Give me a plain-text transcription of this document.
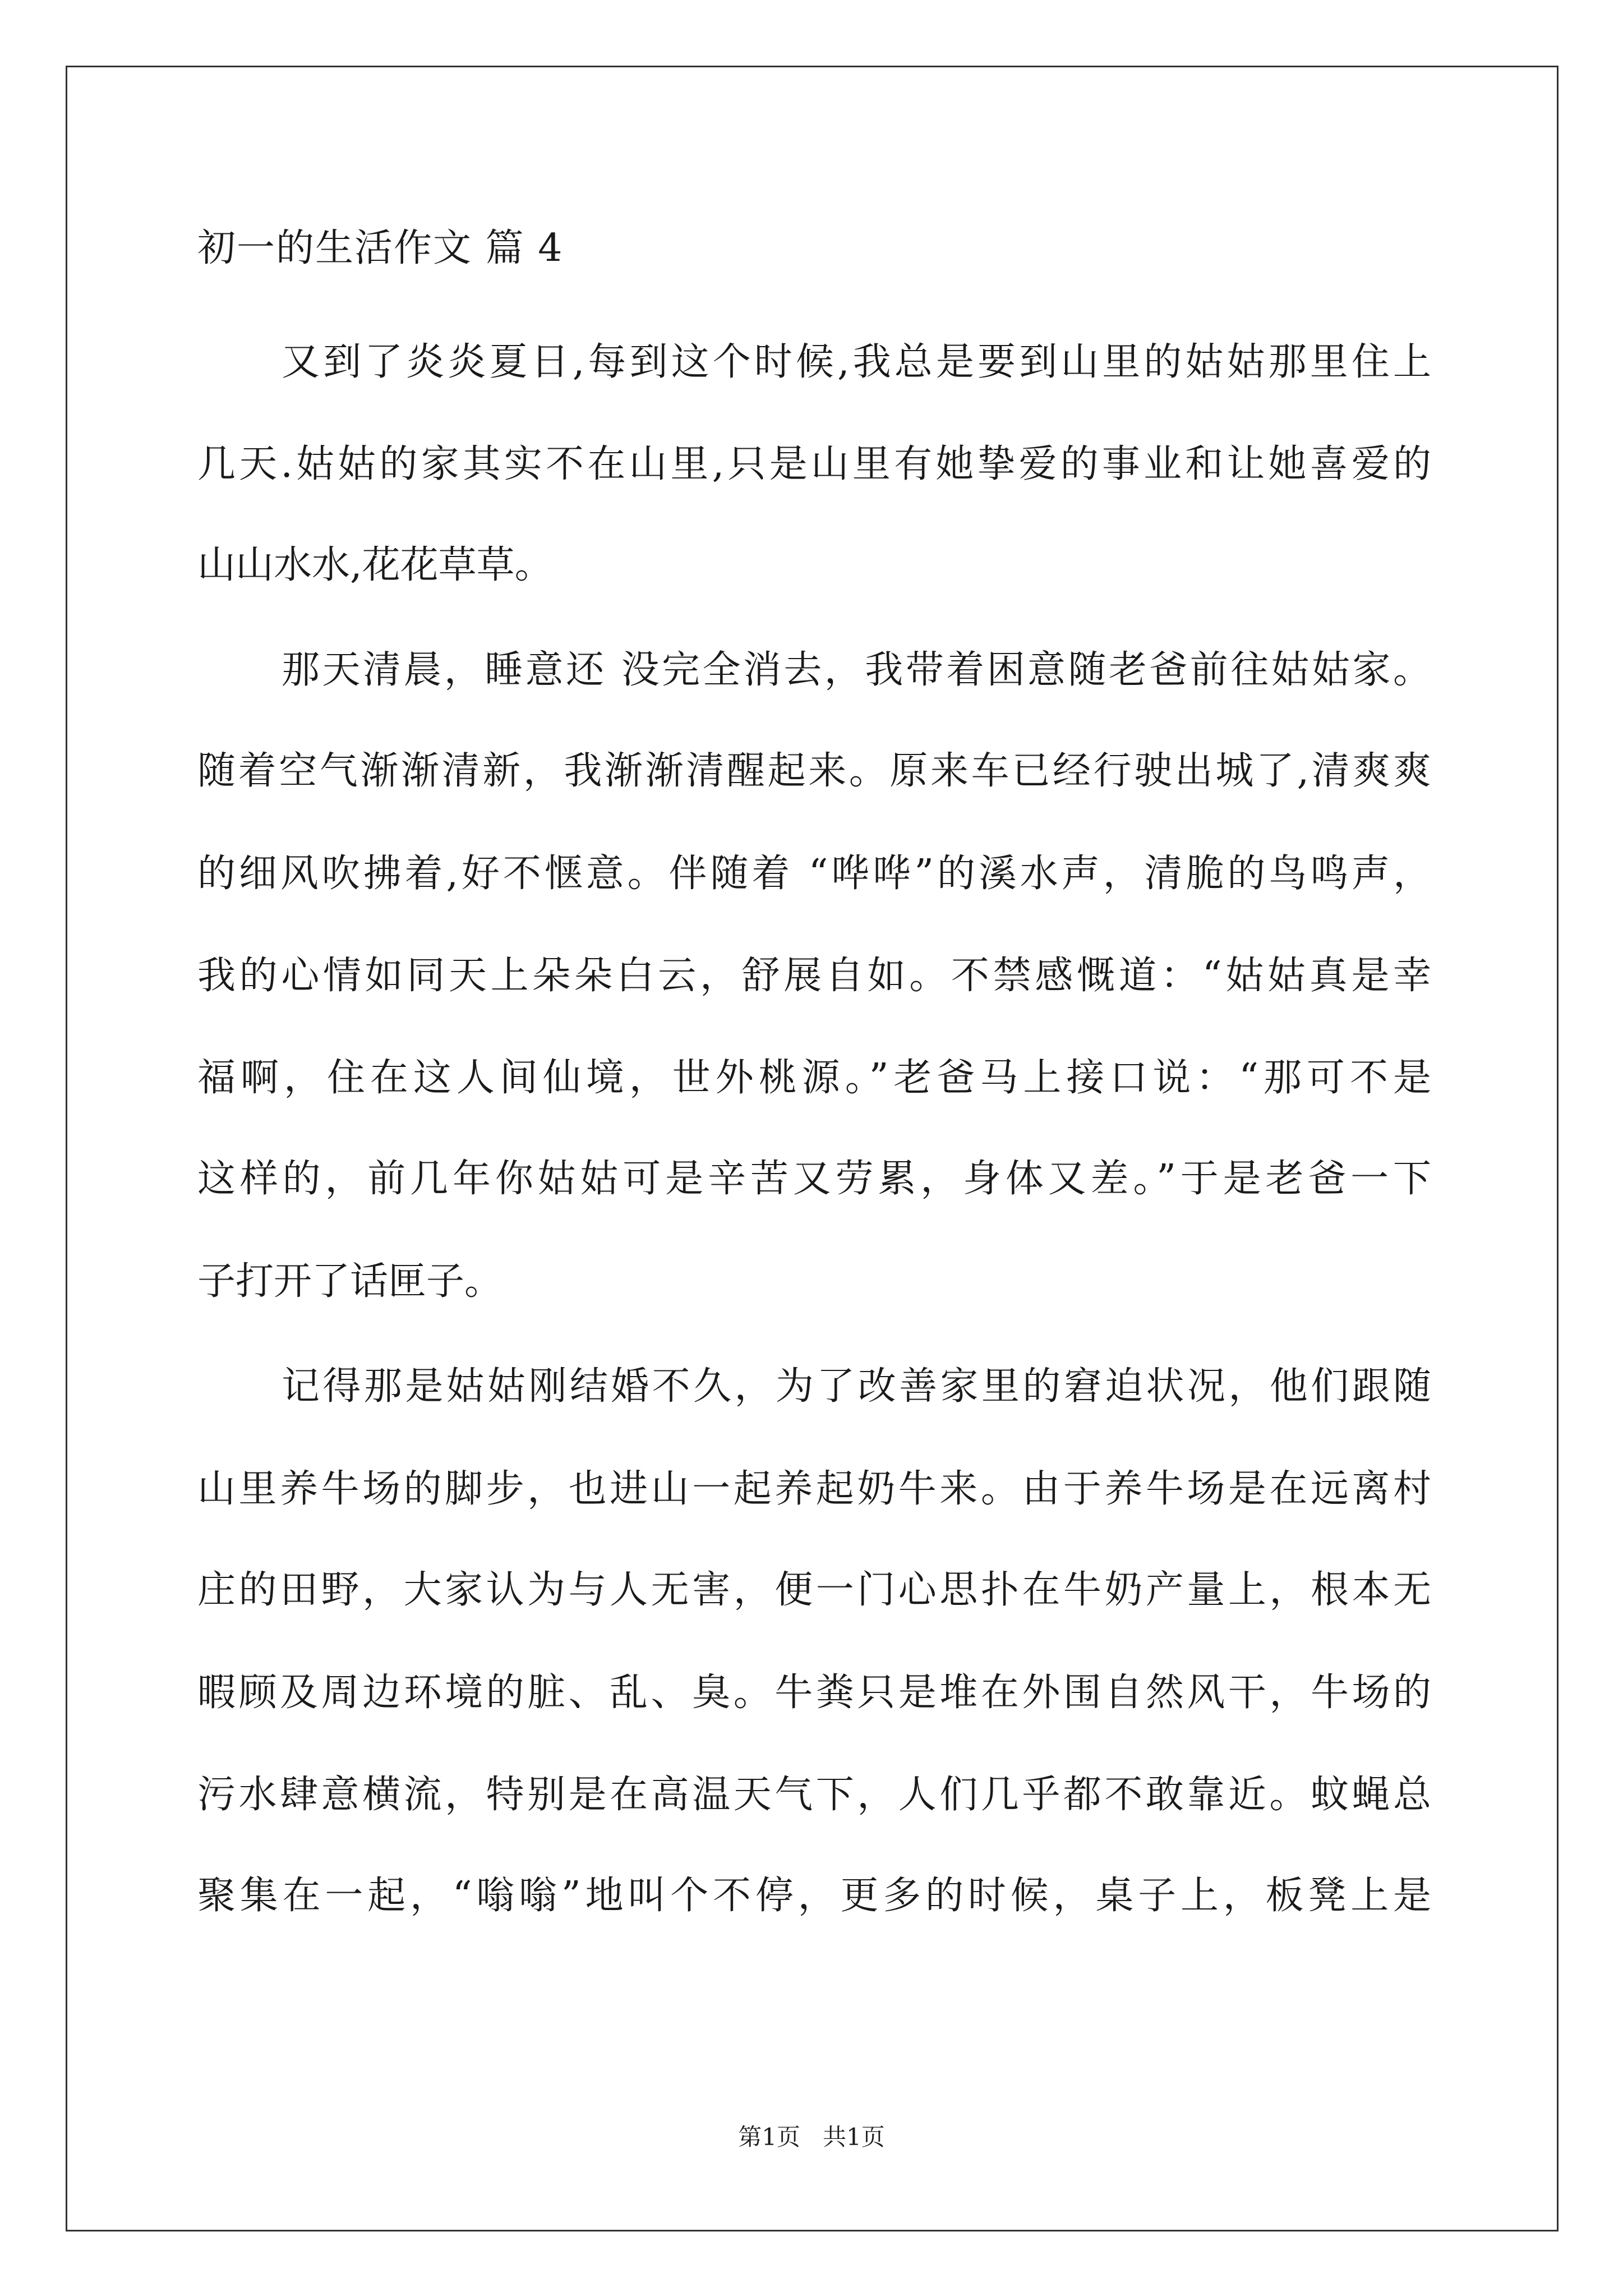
初一的生活作文 篇 4
又到了炎炎夏日,每到这个时候,我总是要到山里的姑姑那里住上
几天.姑姑的家其实不在山里,只是山里有她挚爱的事业和让她喜爱的
山山水水,花花草草。
那天清晨，睡意还 没完全消去，我带着困意随老爸前往姑姑家。
随着空气渐渐清新，我渐渐清醒起来。原来车已经行驶出城了,清爽爽
的细风吹拂着,好不惬意。伴随着 “哗哗”的溪水声，清脆的鸟鸣声，
我的心情如同天上朵朵白云，舒展自如。不禁感慨道：“姑姑真是幸
福啊，住在这人间仙境，世外桃源。”老爸马上接口说：“那可不是
这样的，前几年你姑姑可是辛苦又劳累，身体又差。”于是老爸一下
子打开了话匣子。
记得那是姑姑刚结婚不久，为了改善家里的窘迫状况，他们跟随
山里养牛场的脚步，也进山一起养起奶牛来。由于养牛场是在远离村
庄的田野，大家认为与人无害，便一门心思扑在牛奶产量上，根本无
暇顾及周边环境的脏、乱、臭。牛粪只是堆在外围自然风干，牛场的
污水肆意横流，特别是在高温天气下，人们几乎都不敢靠近。蚊蝇总
聚集在一起，“嗡嗡”地叫个不停，更多的时候，桌子上，板凳上是
第1页   共1页
